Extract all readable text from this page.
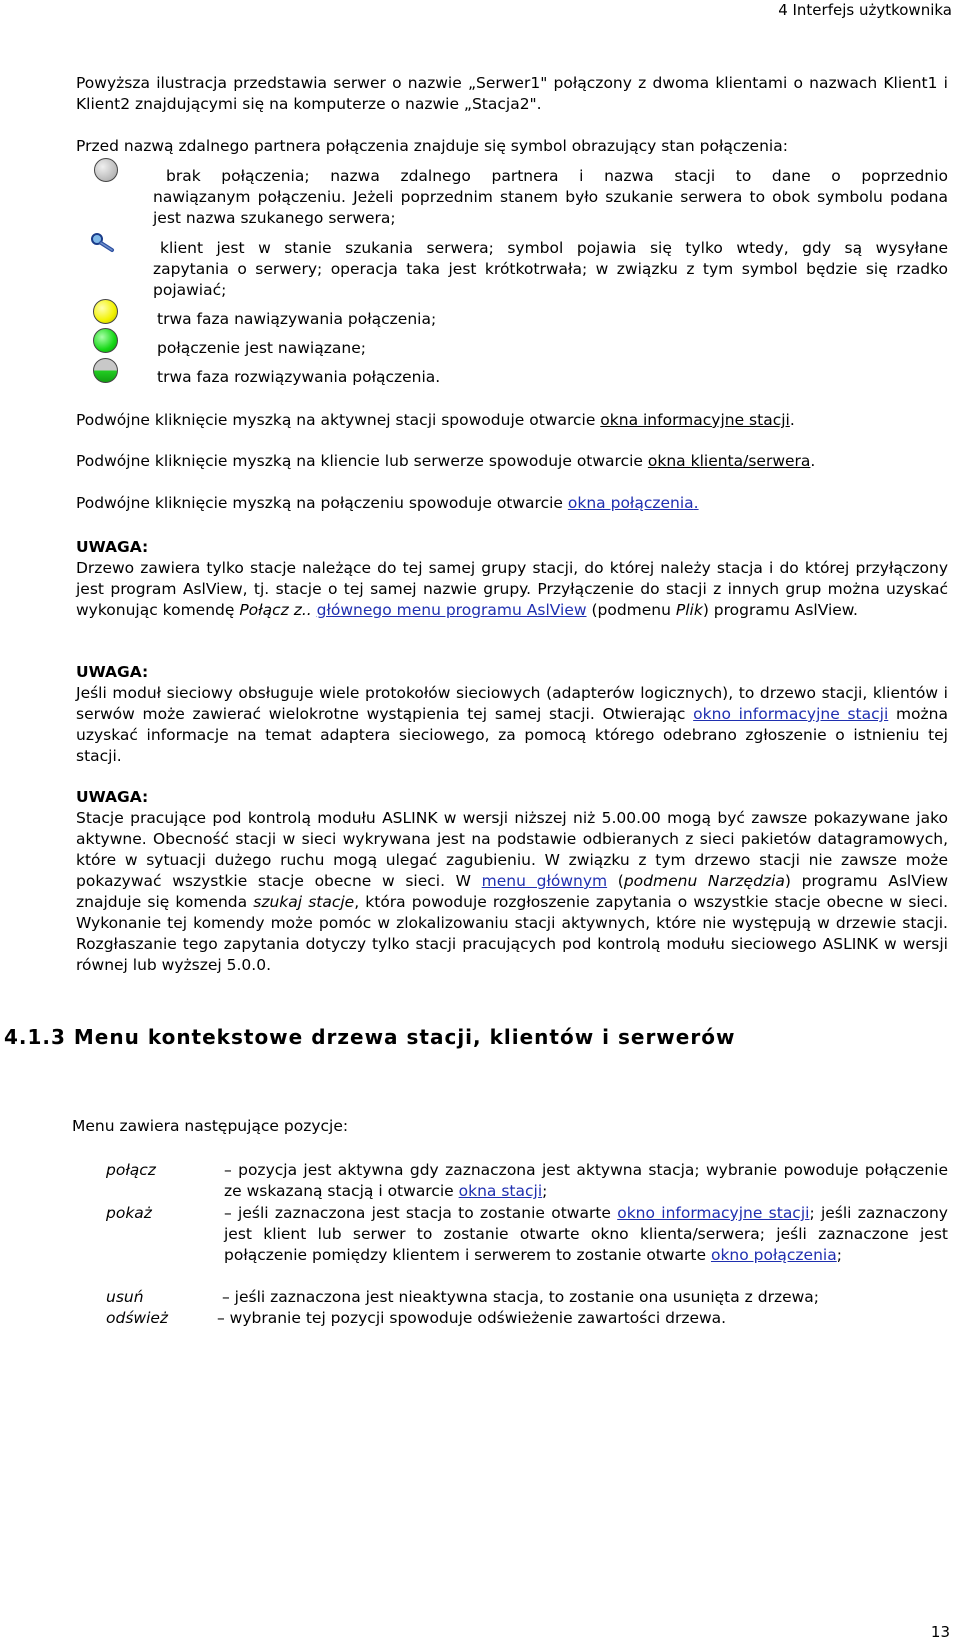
4 Interfejs użytkownika

Powyższa ilustracja przedstawia serwer o nazwie „Serwer1" połączony z dwoma klientami o nazwach Klient1 i Klient2 znajdującymi się na komputerze o nazwie „Stacja2".

Przed nazwą zdalnego partnera połączenia znajduje się symbol obrazujący stan połączenia:

brak połączenia; nazwa zdalnego partnera i nazwa stacji to dane o poprzednio
nawiązanym połączeniu. Jeżeli poprzednim stanem było szukanie serwera to obok symbolu podana jest nazwa szukanego serwera;
klient jest w stanie szukania serwera; symbol pojawia się tylko wtedy, gdy są wysyłane
zapytania o serwery; operacja taka jest krótkotrwała; w związku z tym symbol będzie się rzadko pojawiać;
trwa faza nawiązywania połączenia;
połączenie jest nawiązane;
trwa faza rozwiązywania połączenia.

Podwójne kliknięcie myszką na aktywnej stacji spowoduje otwarcie okna informacyjne stacji.

Podwójne kliknięcie myszką na kliencie lub serwerze spowoduje otwarcie okna klienta/serwera.

Podwójne kliknięcie myszką na połączeniu spowoduje otwarcie okna połączenia.

UWAGA:

Drzewo zawiera tylko stacje należące do tej samej grupy stacji, do której należy stacja i do której przyłączony jest program AslView, tj. stacje o tej samej nazwie grupy. Przyłączenie do stacji z innych grup można uzyskać wykonując komendę Połącz z.. głównego menu programu AslView (podmenu Plik) programu AslView.

UWAGA:

Jeśli moduł sieciowy obsługuje wiele protokołów sieciowych (adapterów logicznych), to drzewo stacji, klientów i serwów może zawierać wielokrotne wystąpienia tej samej stacji. Otwierając okno informacyjne stacji można uzyskać informacje na temat adaptera sieciowego, za pomocą którego odebrano zgłoszenie o istnieniu tej stacji.

UWAGA:

Stacje pracujące pod kontrolą modułu ASLINK w wersji niższej niż 5.00.00 mogą być zawsze pokazywane jako aktywne. Obecność stacji w sieci wykrywana jest na podstawie odbieranych z sieci pakietów datagramowych, które w sytuacji dużego ruchu mogą ulegać zagubieniu. W związku z tym drzewo stacji nie zawsze może pokazywać wszystkie stacje obecne w sieci. W menu głównym (podmenu Narzędzia) programu AslView znajduje się komenda szukaj stacje, która powoduje rozgłoszenie zapytania o wszystkie stacje obecne w sieci. Wykonanie tej komendy może pomóc w zlokalizowaniu stacji aktywnych, które nie występują w drzewie stacji. Rozgłaszanie tego zapytania dotyczy tylko stacji pracujących pod kontrolą modułu sieciowego ASLINK w wersji równej lub wyższej 5.0.0.

4.1.3 Menu kontekstowe drzewa stacji, klientów i serwerów
Menu zawiera następujące pozycje:
połącz	– pozycja jest aktywna gdy zaznaczona jest aktywna stacja; wybranie powoduje połączenie ze wskazaną stacją i otwarcie okna stacji;

pokaż	– jeśli zaznaczona jest stacja to zostanie otwarte okno informacyjne stacji; jeśli zaznaczony jest klient lub serwer to zostanie otwarte okno klienta/serwera; jeśli zaznaczone jest połączenie pomiędzy klientem i serwerem to zostanie otwarte okno połączenia;

usuń	– jeśli zaznaczona jest nieaktywna stacja, to zostanie ona usunięta z drzewa;
odśwież	– wybranie tej pozycji spowoduje odświeżenie zawartości drzewa.
13
